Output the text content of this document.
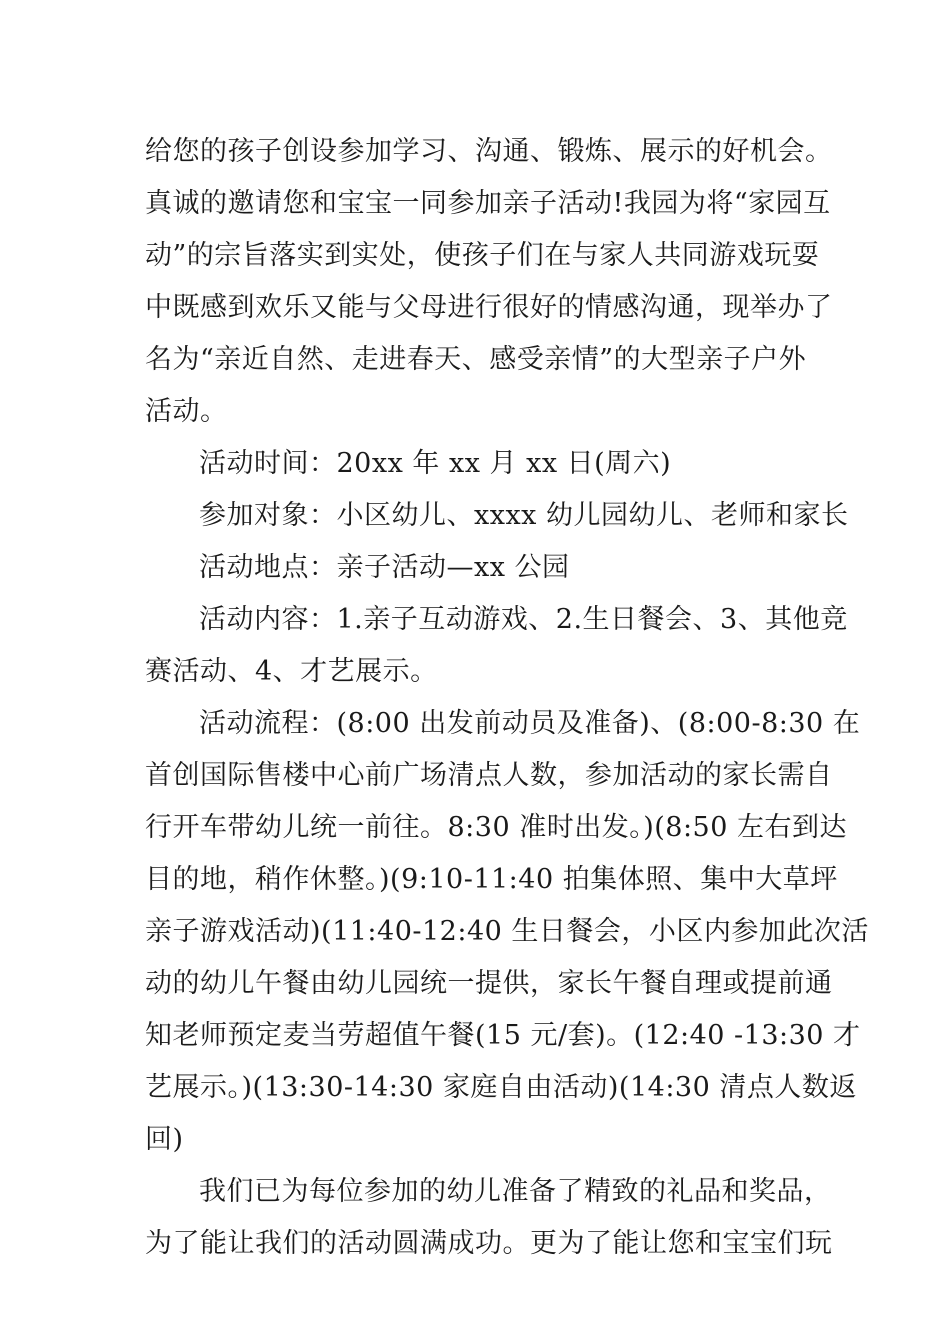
给您的孩子创设参加学习、沟通、锻炼、展示的好机会。
真诚的邀请您和宝宝一同参加亲子活动!我园为将“家园互
动”的宗旨落实到实处，使孩子们在与家人共同游戏玩耍
中既感到欢乐又能与父母进行很好的情感沟通，现举办了
名为“亲近自然、走进春天、感受亲情”的大型亲子户外
活动。
活动时间：20xx 年 xx 月 xx 日(周六)
参加对象：小区幼儿、xxxx 幼儿园幼儿、老师和家长
活动地点：亲子活动—xx 公园
活动内容：1.亲子互动游戏、2.生日餐会、3、其他竞
赛活动、4、才艺展示。
活动流程：(8:00 出发前动员及准备)、(8:00-8:30 在
首创国际售楼中心前广场清点人数，参加活动的家长需自
行开车带幼儿统一前往。8:30 准时出发。)(8:50 左右到达
目的地，稍作休整。)(9:10-11:40 拍集体照、集中大草坪
亲子游戏活动)(11:40-12:40 生日餐会，小区内参加此次活
动的幼儿午餐由幼儿园统一提供，家长午餐自理或提前通
知老师预定麦当劳超值午餐(15 元/套)。(12:40 -13:30 才
艺展示。)(13:30-14:30 家庭自由活动)(14:30 清点人数返
回)
我们已为每位参加的幼儿准备了精致的礼品和奖品，
为了能让我们的活动圆满成功。更为了能让您和宝宝们玩
